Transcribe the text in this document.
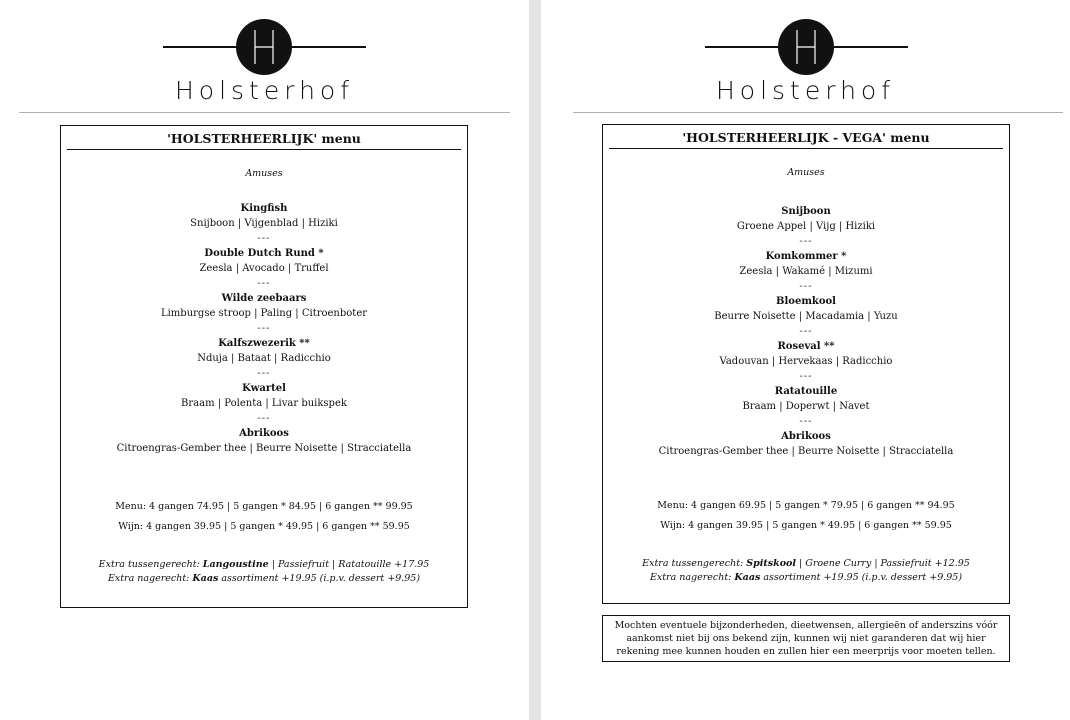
Holsterhof
'HOLSTERHEERLIJK' menu
Amuses
Kingfish
Snijboon | Vijgenblad | Hiziki
---
Double Dutch Rund *
Zeesla | Avocado | Truffel
---
Wilde zeebaars
Limburgse stroop | Paling | Citroenboter
---
Kalfszwezerik **
Nduja | Bataat | Radicchio
---
Kwartel
Braam | Polenta | Livar buikspek
---
Abrikoos
Citroengras-Gember thee | Beurre Noisette | Stracciatella
Menu: 4 gangen 74.95 | 5 gangen * 84.95 | 6 gangen ** 99.95
Wijn: 4 gangen 39.95 | 5 gangen * 49.95 | 6 gangen ** 59.95
Extra tussengerecht: Langoustine | Passiefruit | Ratatouille +17.95
Extra nagerecht: Kaas assortiment +19.95 (i.p.v. dessert +9.95)
Holsterhof
'HOLSTERHEERLIJK - VEGA' menu
Amuses
Snijboon
Groene Appel | Vijg | Hiziki
---
Komkommer *
Zeesla | Wakamé | Mizumi
---
Bloemkool
Beurre Noisette | Macadamia | Yuzu
---
Roseval **
Vadouvan | Hervekaas | Radicchio
---
Ratatouille
Braam | Doperwt | Navet
---
Abrikoos
Citroengras-Gember thee | Beurre Noisette | Stracciatella
Menu: 4 gangen 69.95 | 5 gangen * 79.95 | 6 gangen ** 94.95
Wijn: 4 gangen 39.95 | 5 gangen * 49.95 | 6 gangen ** 59.95
Extra tussengerecht: Spitskool | Groene Curry | Passiefruit +12.95
Extra nagerecht: Kaas assortiment +19.95 (i.p.v. dessert +9.95)
Mochten eventuele bijzonderheden, dieetwensen, allergieën of anderszins vóór aankomst niet bij ons bekend zijn, kunnen wij niet garanderen dat wij hier rekening mee kunnen houden en zullen hier een meerprijs voor moeten tellen.
